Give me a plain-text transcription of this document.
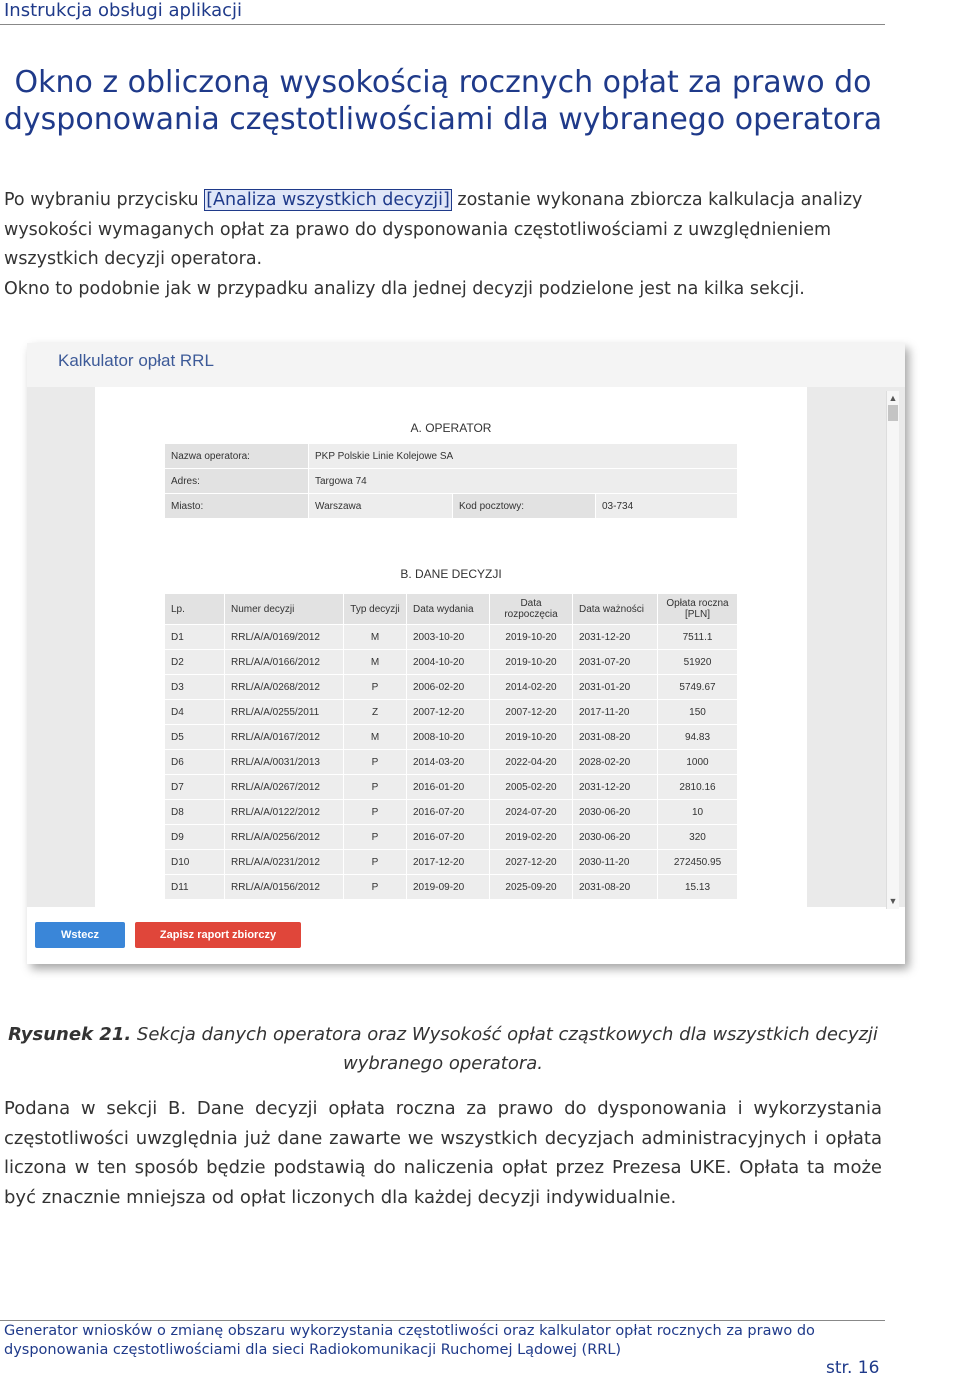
Instrukcja obsługi aplikacji
Okno z obliczoną wysokością rocznych opłat za prawo do dysponowania częstotliwościami dla wybranego operatora

Po wybraniu przycisku [Analiza wszystkich decyzji] zostanie wykonana zbiorcza kalkulacja analizy wysokości wymaganych opłat za prawo do dysponowania częstotliwościami z uwzględnieniem wszystkich decyzji operatora.

Okno to podobnie jak w przypadku analizy dla jednej decyzji podzielone jest na kilka sekcji.

Kalkulator opłat RRL
▲
▼
A. OPERATOR
Nazwa operatora:	PKP Polskie Linie Kolejowe SA		
Adres:	Targowa 74		
Miasto:	Warszawa	Kod pocztowy:	03-734
B. DANE DECYZJI
Lp.	Numer decyzji	Typ decyzji	Data wydania	Data rozpoczęcia	Data ważności	Opłata roczna [PLN]
D1	RRL/A/A/0169/2012	M	2003-10-20	2019-10-20	2031-12-20	7511.1
D2	RRL/A/A/0166/2012	M	2004-10-20	2019-10-20	2031-07-20	51920
D3	RRL/A/A/0268/2012	P	2006-02-20	2014-02-20	2031-01-20	5749.67
D4	RRL/A/A/0255/2011	Z	2007-12-20	2007-12-20	2017-11-20	150
D5	RRL/A/A/0167/2012	M	2008-10-20	2019-10-20	2031-08-20	94.83
D6	RRL/A/A/0031/2013	P	2014-03-20	2022-04-20	2028-02-20	1000
D7	RRL/A/A/0267/2012	P	2016-01-20	2005-02-20	2031-12-20	2810.16
D8	RRL/A/A/0122/2012	P	2016-07-20	2024-07-20	2030-06-20	10
D9	RRL/A/A/0256/2012	P	2016-07-20	2019-02-20	2030-06-20	320
D10	RRL/A/A/0231/2012	P	2017-12-20	2027-12-20	2030-11-20	272450.95
D11	RRL/A/A/0156/2012	P	2019-09-20	2025-09-20	2031-08-20	15.13
Wstecz	Zapisz raport zbiorczy
Rysunek 21. Sekcja danych operatora oraz Wysokość opłat cząstkowych dla wszystkich decyzji wybranego operatora.
Podana w sekcji B. Dane decyzji opłata roczna za prawo do dysponowania i wykorzystania częstotliwości uwzględnia już dane zawarte we wszystkich decyzjach administracyjnych i opłata liczona w ten sposób będzie podstawią do naliczenia opłat przez Prezesa UKE. Opłata ta może być znacznie mniejsza od opłat liczonych dla każdej decyzji indywidualnie.
Generator wniosków o zmianę obszaru wykorzystania częstotliwości oraz kalkulator opłat rocznych za prawo do
dysponowania częstotliwościami dla sieci Radiokomunikacji Ruchomej Lądowej (RRL)
str. 16
